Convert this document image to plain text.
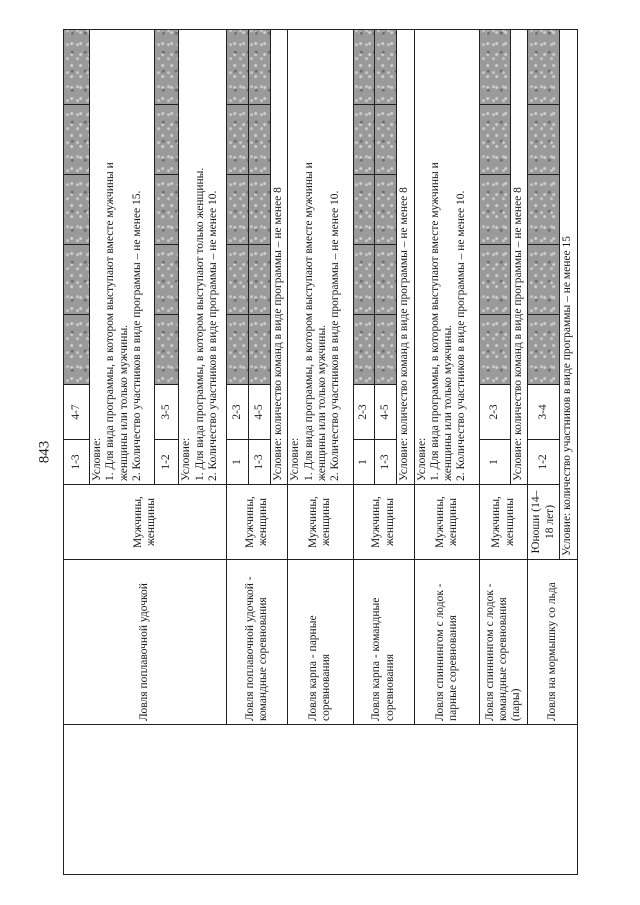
843
	Ловля поплавочной удочкой	Мужчины, женщины	1-3	4-7					

			Условие: 1. Для вида программы, в котором выступают вместе мужчины и женщины или только мужчины. 2. Количество участников в виде программы – не менее 15.						

			1-2	3-5					

			Условие: 1. Для вида программы, в котором выступают только женщины. 2. Количество участников в виде программы – не менее 10.						

	Ловля поплавочной удочкой - командные соревнования	Мужчины, женщины	1	2-3					
			1-3	4-5					

			Условие: количество команд в виде программы – не менее 8						

	Ловля карпа - парные соревнования	Мужчины, женщины	Условие: 1. Для вида программы, в котором выступают вместе мужчины и женщины или только мужчины. 2. Количество участников в виде программы – не менее 10.						

	Ловля карпа - командные соревнования	Мужчины, женщины	1	2-3					
			1-3	4-5					

			Условие: количество команд в виде программы – не менее 8						

	Ловля спиннингом с лодок - парные соревнования	Мужчины, женщины	Условие: 1. Для вида программы, в котором выступают вместе мужчины и женщины или только мужчины. 2. Количество участников в виде программы – не менее 10.						

	Ловля спиннингом с лодок - командные соревнования (пары)	Мужчины, женщины	1	2-3					

			Условие: количество команд в виде программы – не менее 8						

	Ловля на мормышку со льда	Юноши (14–18 лет)	1-2	3-4					

		Условие: количество участников в виде программы – не менее 15							
